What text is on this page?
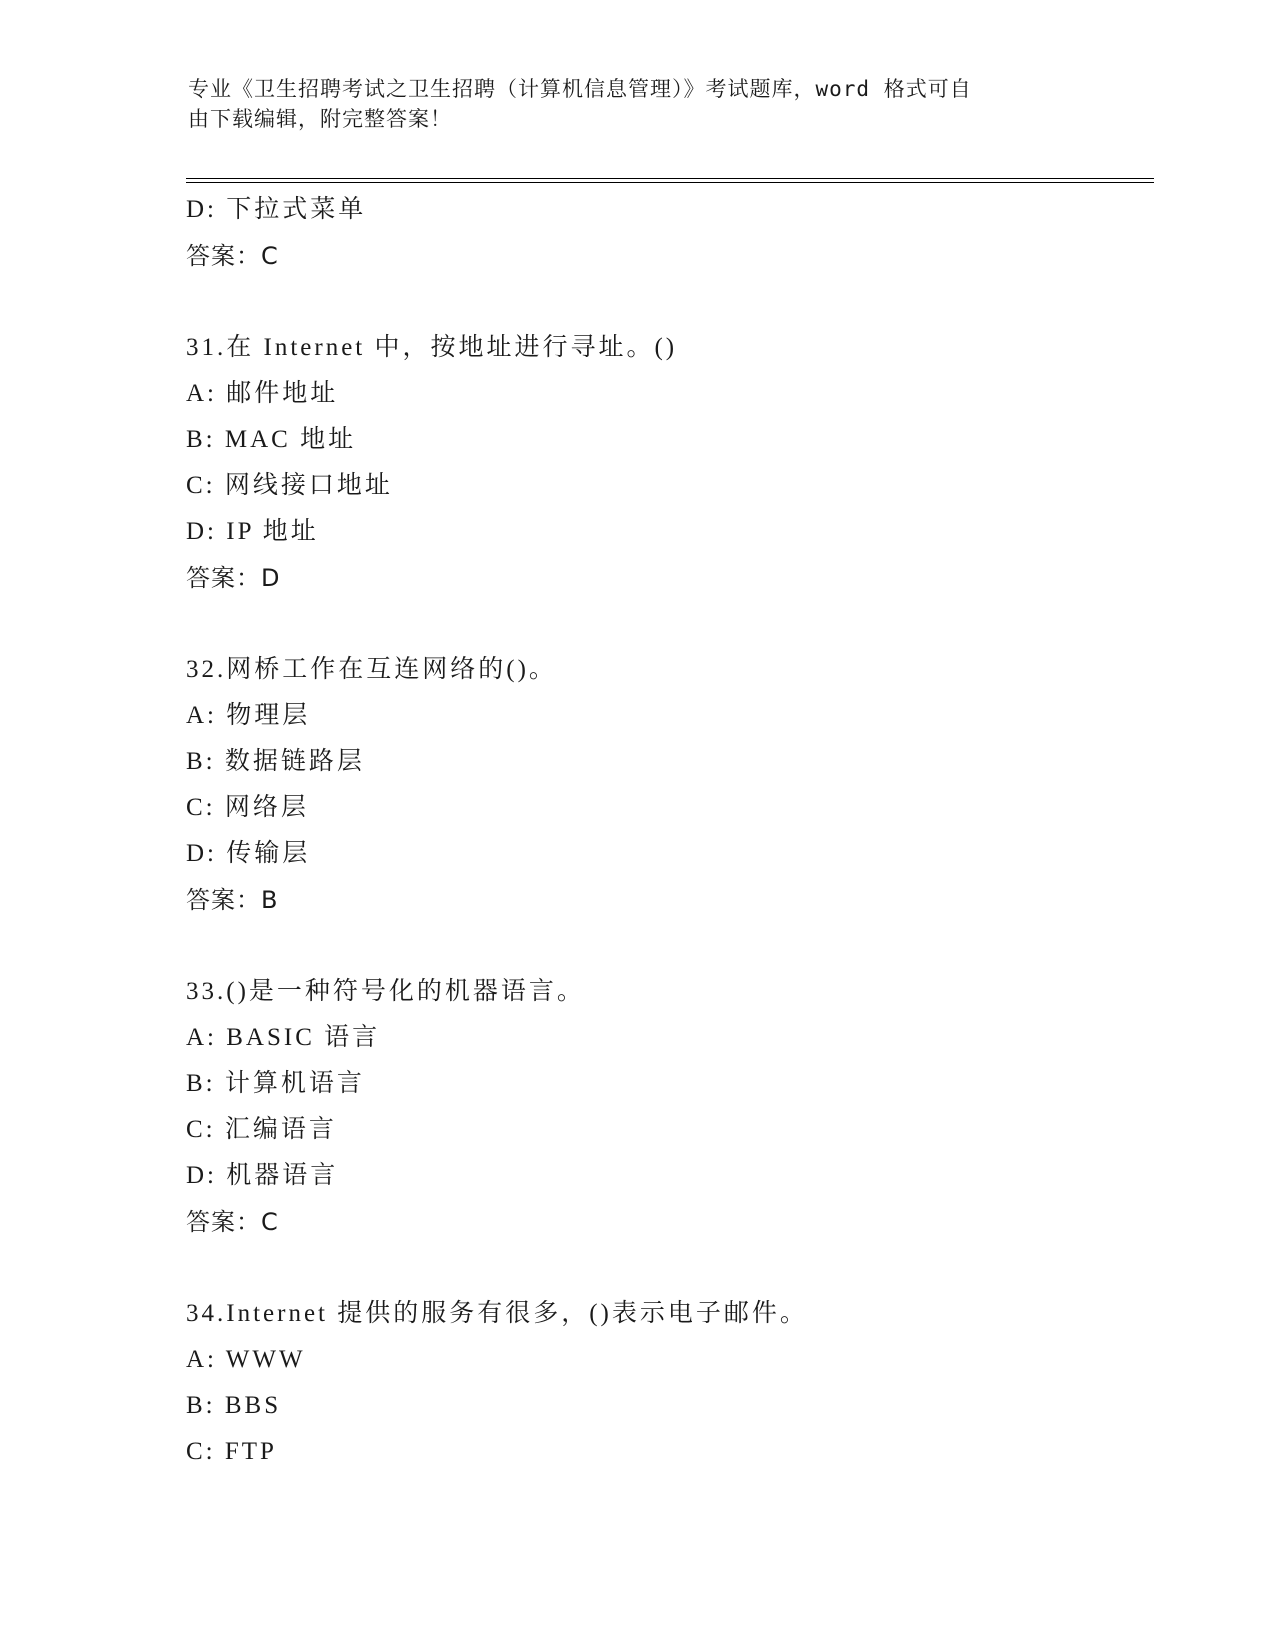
专业《卫生招聘考试之卫生招聘（计算机信息管理）》考试题库，word 格式可自
由下载编辑，附完整答案！
D: 下拉式菜单
答案：C
31.在 Internet 中，按地址进行寻址。()
A: 邮件地址
B: MAC 地址
C: 网线接口地址
D: IP 地址
答案：D
32.网桥工作在互连网络的()。
A: 物理层
B: 数据链路层
C: 网络层
D: 传输层
答案：B
33.()是一种符号化的机器语言。
A: BASIC 语言
B: 计算机语言
C: 汇编语言
D: 机器语言
答案：C
34.Internet 提供的服务有很多，()表示电子邮件。
A: WWW
B: BBS
C: FTP
